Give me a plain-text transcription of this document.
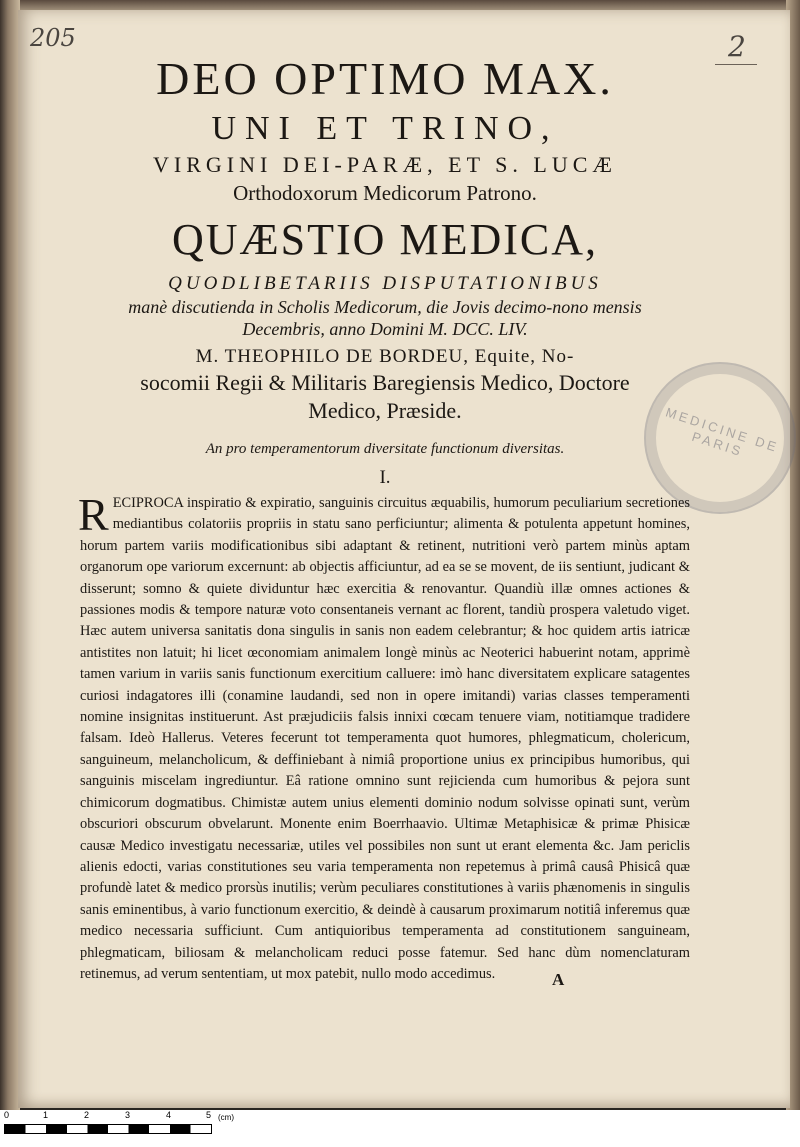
MEDICINE DE PARIS
205	2
DEO OPTIMO MAX.
UNI ET TRINO,
VIRGINI DEI-PARÆ, ET S. LUCÆ
Orthodoxorum Medicorum Patrono.
QUÆSTIO MEDICA,
QUODLIBETARIIS DISPUTATIONIBUS
manè discutienda in Scholis Medicorum, die Jovis decimo-nono mensis
Decembris, anno Domini M. DCC. LIV.
M. THEOPHILO DE BORDEU, Equite, No-
socomii Regii & Militaris Baregiensis Medico, Doctore
Medico, Præside.
An pro temperamentorum diversitate functionum diversitas.
I.
RECIPROCA inspiratio & expiratio, sanguinis circuitus æquabilis, humorum peculiarium secretiones mediantibus colatoriis propriis in statu sano perficiuntur; alimenta & potulenta appetunt homines, horum partem variis modificationibus sibi adaptant & retinent, nutritioni verò partem minùs aptam organorum ope variorum excernunt: ab objectis afficiuntur, ad ea se se movent, de iis sentiunt, judicant & disserunt; somno & quiete dividuntur hæc exercitia & renovantur. Quandiù illæ omnes actiones & passiones modis & tempore naturæ voto consentaneis vernant ac florent, tandiù prospera valetudo viget. Hæc autem universa sanitatis dona singulis in sanis non eadem celebrantur; & hoc quidem artis iatricæ antistites non latuit; hi licet œconomiam animalem longè minùs ac Neoterici habuerint notam, apprimè tamen varium in variis sanis functionum exercitium calluere: imò hanc diversitatem explicare satagentes curiosi indagatores illi (conamine laudandi, sed non in opere imitandi) varias classes temperamenti nomine insignitas instituerunt. Ast præjudiciis falsis innixi cœcam tenuere viam, notitiamque tradidere falsam. Ideò Hallerus. Veteres fecerunt tot temperamenta quot humores, phlegmaticum, cholericum, sanguineum, melancholicum, & deffiniebant à nimiâ proportione unius ex principibus humoribus, qui sanguinis miscelam ingrediuntur. Eâ ratione omnino sunt rejicienda cum humoribus & pejora sunt chimicorum dogmatibus. Chimistæ autem unius elementi dominio nodum solvisse opinati sunt, verùm obscuriori obscurum obvelarunt. Monente enim Boerrhaavio. Ultimæ Metaphisicæ & primæ Phisicæ causæ Medico investigatu necessariæ, utiles vel possibiles non sunt ut erant elementa &c. Jam periclis alienis edocti, varias constitutiones seu varia temperamenta non repetemus à primâ causâ Phisicâ quæ profundè latet & medico prorsùs inutilis; verùm peculiares constitutiones à variis phænomenis in singulis sanis eminentibus, à vario functionum exercitio, & deindè à causarum proximarum notitiâ inferemus quæ medico necessaria sufficiunt. Cum antiquioribus temperamenta ad constitutionem sanguineam, phlegmaticam, biliosam & melancholicam reduci posse fatemur. Sed hanc dùm nomenclaturam retinemus, ad verum sententiam, ut mox patebit, nullo modo accedimus.	A
0	1	2	3	4	5 (cm)
